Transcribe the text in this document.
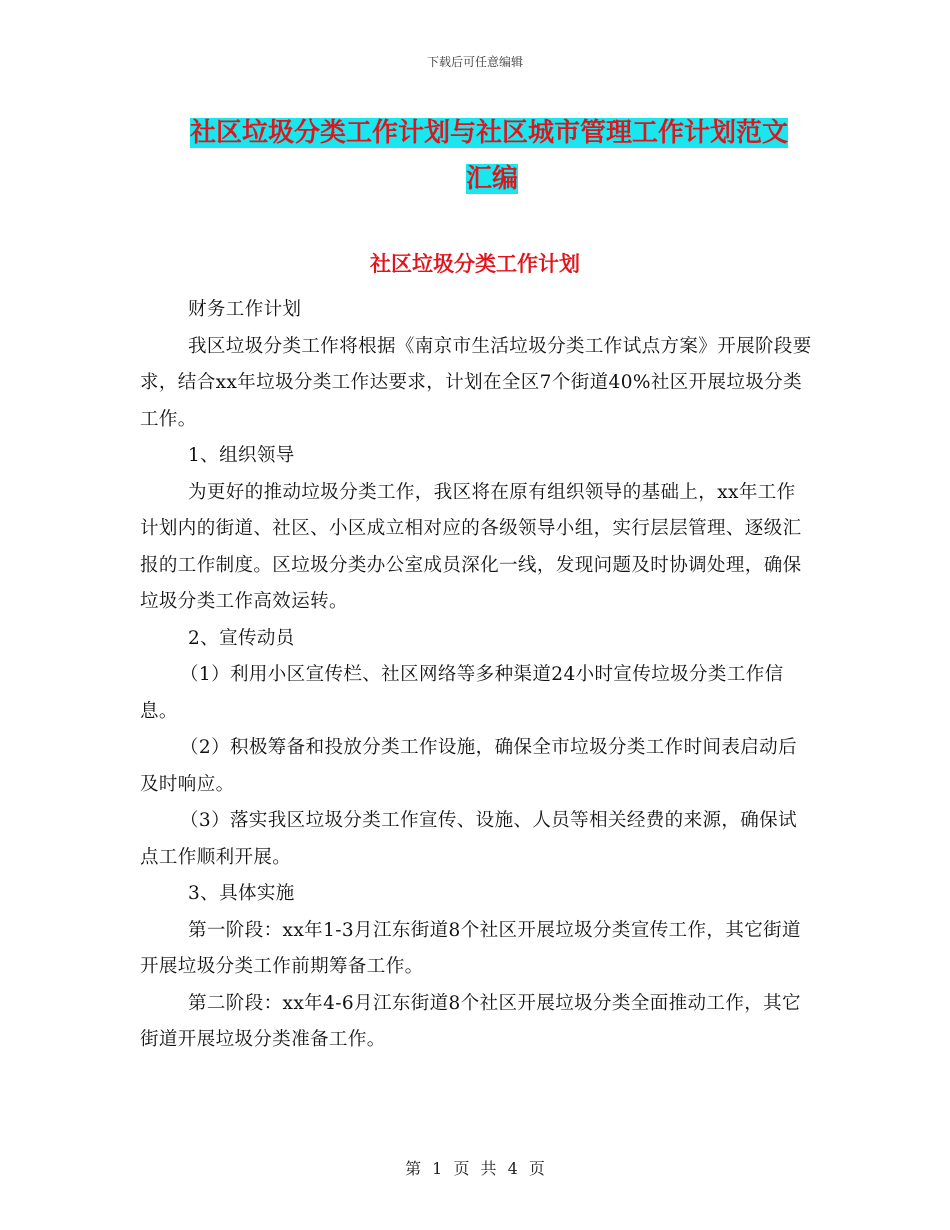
下载后可任意编辑
社区垃圾分类工作计划与社区城市管理工作计划范文
汇编
社区垃圾分类工作计划

财务工作计划

我区垃圾分类工作将根据《南京市生活垃圾分类工作试点方案》开展阶段要求，结合xx年垃圾分类工作达要求，计划在全区7个街道40%社区开展垃圾分类工作。

1、组织领导

为更好的推动垃圾分类工作，我区将在原有组织领导的基础上，xx年工作计划内的街道、社区、小区成立相对应的各级领导小组，实行层层管理、逐级汇报的工作制度。区垃圾分类办公室成员深化一线，发现问题及时协调处理，确保垃圾分类工作高效运转。

2、宣传动员

（1）利用小区宣传栏、社区网络等多种渠道24小时宣传垃圾分类工作信息。

（2）积极筹备和投放分类工作设施，确保全市垃圾分类工作时间表启动后及时响应。

（3）落实我区垃圾分类工作宣传、设施、人员等相关经费的来源，确保试点工作顺利开展。

3、具体实施

第一阶段：xx年1-3月江东街道8个社区开展垃圾分类宣传工作，其它街道开展垃圾分类工作前期筹备工作。

第二阶段：xx年4-6月江东街道8个社区开展垃圾分类全面推动工作，其它街道开展垃圾分类准备工作。

第 1 页 共 4 页
